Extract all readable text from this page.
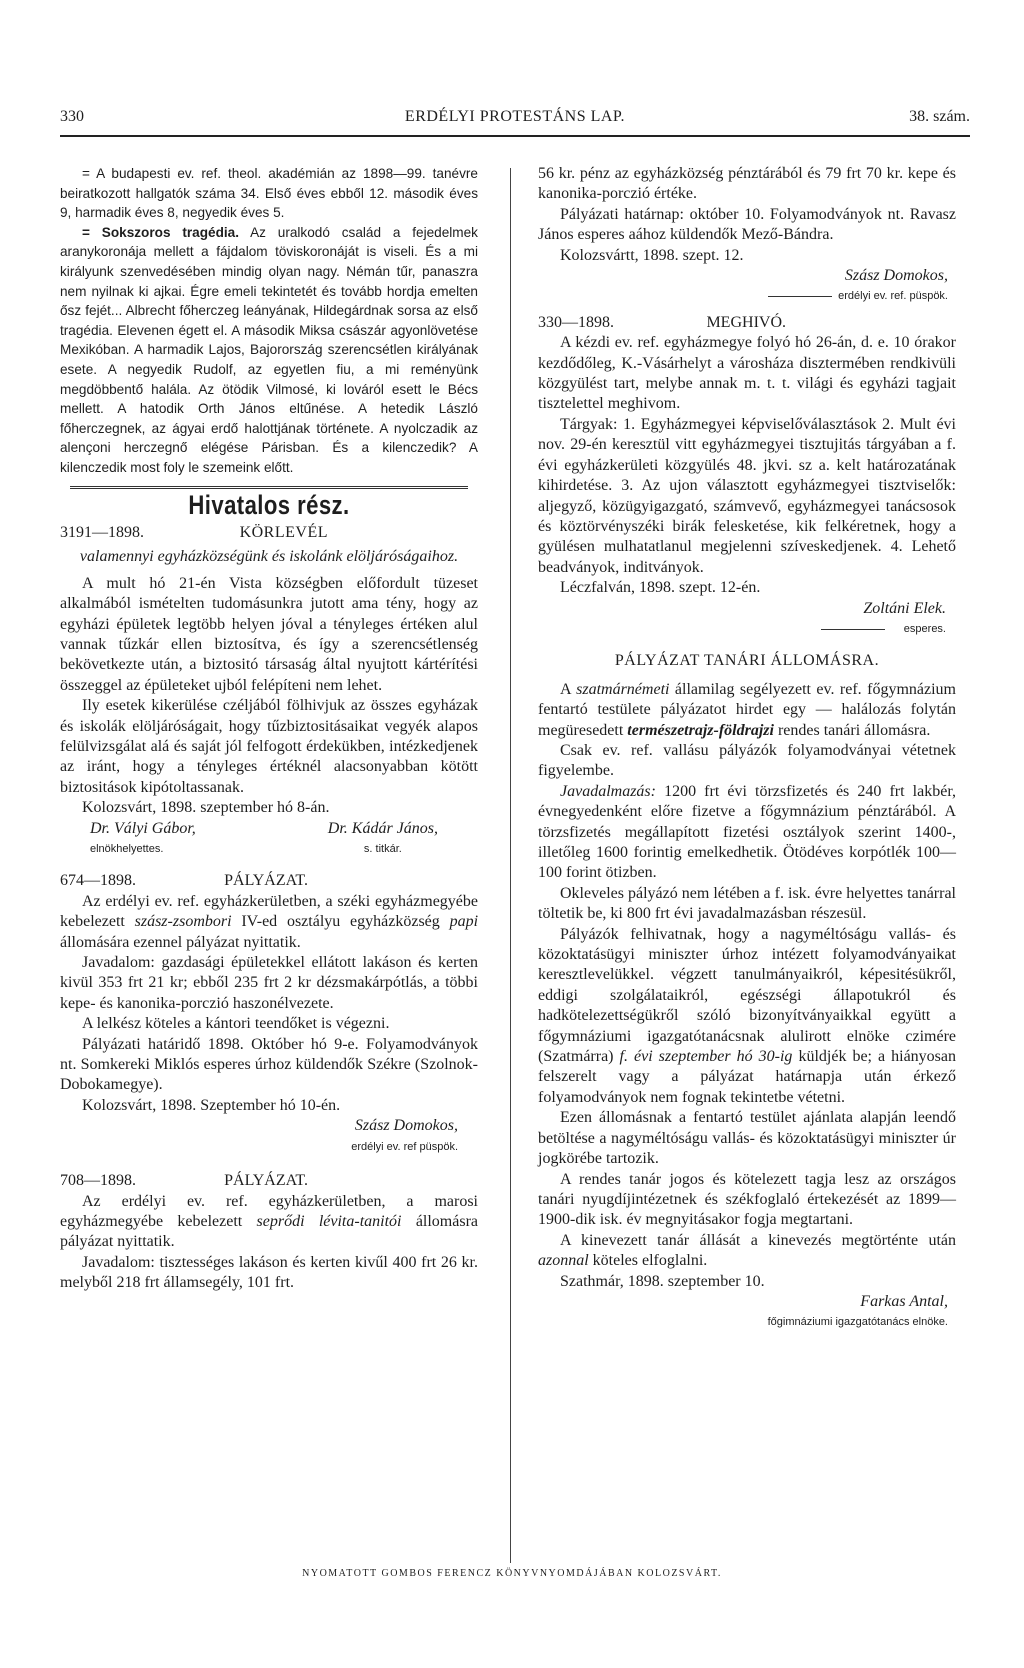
330	ERDÉLYI PROTESTÁNS LAP.	38. szám.

= A budapesti ev. ref. theol. akadémián az 1898—99. tanévre beiratkozott hallgatók száma 34. Első éves ebből 12. második éves 9, harmadik éves 8, negyedik éves 5.

= Sokszoros tragédia. Az uralkodó család a fejedelmek aranykoronája mellett a fájdalom töviskoronáját is viseli. És a mi királyunk szenvedésében mindig olyan nagy. Némán tűr, panaszra nem nyilnak ki ajkai. Égre emeli tekintetét és tovább hordja emelten ősz fejét... Albrecht főherczeg leányának, Hildegárdnak sorsa az első tragédia. Elevenen égett el. A második Miksa császár agyonlövetése Mexikóban. A harmadik Lajos, Bajorország szerencsétlen királyának esete. A negyedik Rudolf, az egyetlen fiu, a mi reményünk megdöbbentő halála. Az ötödik Vilmosé, ki lováról esett le Bécs mellett. A hatodik Orth János eltűnése. A hetedik László főherczegnek, az ágyai erdő halottjának története. A nyolczadik az alençoni herczegnő elégése Párisban. És a kilenczedik? A kilenczedik most foly le szemeink előtt.

Hivatalos rész.
3191—1898.	KÖRLEVÉL

valamennyi egyházközségünk és iskolánk elöljáróságaihoz.

A mult hó 21-én Vista községben előfordult tüzeset alkalmából ismételten tudomásunkra jutott ama tény, hogy az egyházi épületek legtöbb helyen jóval a tényleges értéken alul vannak tűzkár ellen biztosítva, és így a szerencsétlenség bekövetkezte után, a biztositó társaság által nyujtott kártérítési összeggel az épületeket ujból felépíteni nem lehet.

Ily esetek kikerülése czéljából fölhivjuk az összes egyházak és iskolák elöljáróságait, hogy tűzbiztositásaikat vegyék alapos felülvizsgálat alá és saját jól felfogott érdekükben, intézkedjenek az iránt, hogy a tényleges értéknél alacsonyabban kötött biztositások kipótoltassanak.

Kolozsvárt, 1898. szeptember hó 8-án.

Dr. Vályi Gábor,
elnökhelyettes.
Dr. Kádár János,
s. titkár.
674—1898.	PÁLYÁZAT.

Az erdélyi ev. ref. egyházkerületben, a széki egyházmegyébe kebelezett szász-zsombori IV-ed osztályu egyházközség papi állomására ezennel pályázat nyittatik.

Javadalom: gazdasági épületekkel ellátott lakáson és kerten kivül 353 frt 21 kr; ebből 235 frt 2 kr dézsmakárpótlás, a többi kepe- és kanonika-porczió haszonélvezete.

A lelkész köteles a kántori teendőket is végezni.

Pályázati határidő 1898. Október hó 9-e. Folyamodványok nt. Somkereki Miklós esperes úrhoz küldendők Székre (Szolnok-Dobokamegye).

Kolozsvárt, 1898. Szeptember hó 10-én.

Szász Domokos,
erdélyi ev. ref püspök.
708—1898.	PÁLYÁZAT.

Az erdélyi ev. ref. egyházkerületben, a marosi egyházmegyébe kebelezett seprődi lévita-tanitói állomásra pályázat nyittatik.

Javadalom: tisztességes lakáson és kerten kivűl 400 frt 26 kr. melyből 218 frt államsegély, 101 frt.

56 kr. pénz az egyházközség pénztárából és 79 frt 70 kr. kepe és kanonika-porczió értéke.

Pályázati határnap: október 10. Folyamodványok nt. Ravasz János esperes aához küldendők Mező-Bándra.

Kolozsvártt, 1898. szept. 12.

Szász Domokos,
erdélyi ev. ref. püspök.
330—1898.	MEGHIVÓ.

A kézdi ev. ref. egyházmegye folyó hó 26-án, d. e. 10 órakor kezdődőleg, K.-Vásárhelyt a városháza disztermében rendkivüli közgyülést tart, melybe annak m. t. t. világi és egyházi tagjait tisztelettel meghivom.

Tárgyak: 1. Egyházmegyei képviselőválasztások 2. Mult évi nov. 29-én keresztül vitt egyházmegyei tisztujitás tárgyában a f. évi egyházkerületi közgyülés 48. jkvi. sz a. kelt határozatának kihirdetése. 3. Az ujon választott egyházmegyei tisztviselők: aljegyző, közügyigazgató, számvevő, egyházmegyei tanácsosok és köztörvényszéki birák felesketése, kik felkéretnek, hogy a gyülésen mulhatatlanul megjelenni szíveskedjenek. 4. Lehető beadványok, inditványok.

Léczfalván, 1898. szept. 12-én.

Zoltáni Elek.
esperes.

PÁLYÁZAT TANÁRI ÁLLOMÁSRA.

A szatmárnémeti államilag segélyezett ev. ref. főgymnázium fentartó testülete pályázatot hirdet egy — halálozás folytán megüresedett természetrajz-földrajzi rendes tanári állomásra.

Csak ev. ref. vallásu pályázók folyamodványai vétetnek figyelembe.

Javadalmazás: 1200 frt évi törzsfizetés és 240 frt lakbér, évnegyedenként előre fizetve a főgymnázium pénztárából. A törzsfizetés megállapított fizetési osztályok szerint 1400-, illetőleg 1600 forintig emelkedhetik. Ötödéves korpótlék 100—100 forint ötizben.

Okleveles pályázó nem létében a f. isk. évre helyettes tanárral töltetik be, ki 800 frt évi javadalmazásban részesül.

Pályázók felhivatnak, hogy a nagyméltóságu vallás- és közoktatásügyi miniszter úrhoz intézett folyamodványaikat keresztlevelükkel. végzett tanulmányaikról, képesitésükről, eddigi szolgálataikról, egészségi állapotukról és hadkötelezettségükről szóló bizonyítványaikkal együtt a főgymnáziumi igazgatótanácsnak alulirott elnöke czimére (Szatmárra) f. évi szeptember hó 30-ig küldjék be; a hiányosan felszerelt vagy a pályázat határnapja után érkező folyamodványok nem fognak tekintetbe vétetni.

Ezen állomásnak a fentartó testület ajánlata alapján leendő betöltése a nagyméltóságu vallás- és közoktatásügyi miniszter úr jogkörébe tartozik.

A rendes tanár jogos és kötelezett tagja lesz az országos tanári nyugdíjintézetnek és székfoglaló értekezését az 1899—1900-dik isk. év megnyitásakor fogja megtartani.

A kinevezett tanár állását a kinevezés megtörténte után azonnal köteles elfoglalni.

Szathmár, 1898. szeptember 10.

Farkas Antal,
főgimnáziumi igazgatótanács elnöke.
NYOMATOTT GOMBOS FERENCZ KÖNYVNYOMDÁJÁBAN KOLOZSVÁRT.
